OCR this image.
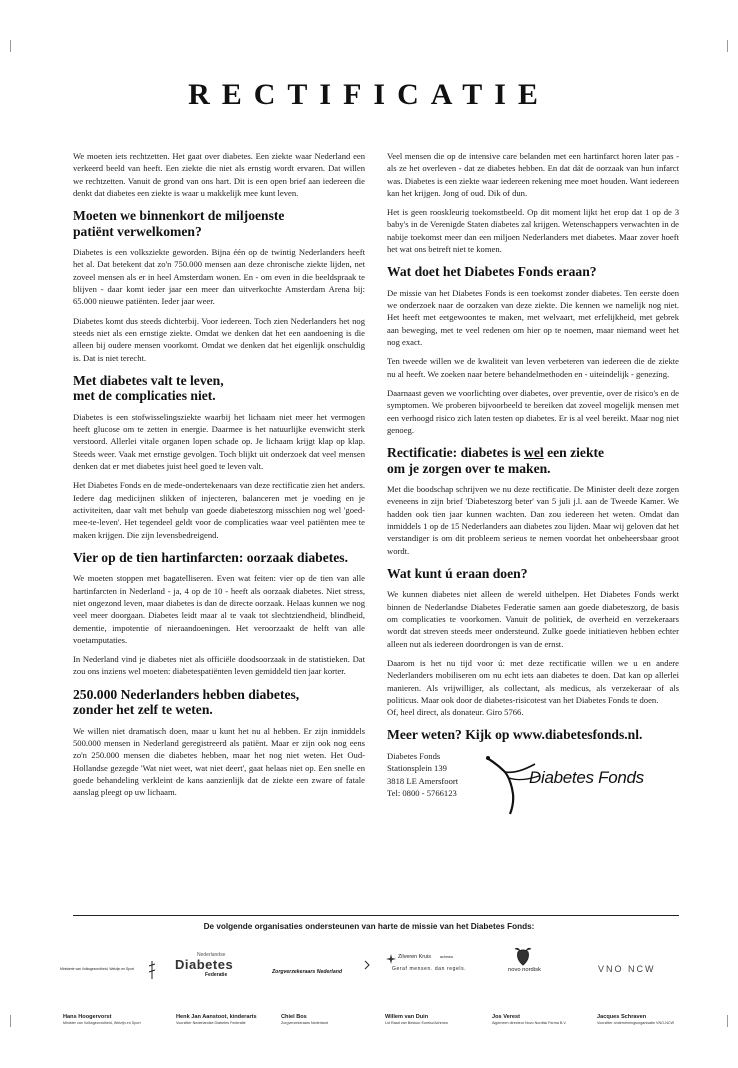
RECTIFICATIE

We moeten iets rechtzetten. Het gaat over diabetes. Een ziekte waar Nederland een verkeerd beeld van heeft. Een ziekte die niet als ernstig wordt ervaren. Dat willen we rechtzetten. Vanuit de grond van ons hart. Dit is een open brief aan iedereen die denkt dat diabetes een ziekte is waar u makkelijk mee kunt leven.

Moeten we binnenkort de miljoenste
patiënt verwelkomen?

Diabetes is een volksziekte geworden. Bijna één op de twintig Nederlanders heeft het al. Dat betekent dat zo'n 750.000 mensen aan deze chronische ziekte lijden, net zoveel mensen als er in heel Amsterdam wonen. En - om even in die beeldspraak te blijven - daar komt ieder jaar een meer dan uitverkochte Amsterdam Arena bij: 65.000 nieuwe patiënten. Ieder jaar weer.

Diabetes komt dus steeds dichterbij. Voor iedereen. Toch zien Nederlanders het nog steeds niet als een ernstige ziekte. Omdat we denken dat het een aandoening is die alleen bij oudere mensen voorkomt. Omdat we denken dat het eigenlijk onschuldig is. Dat is niet terecht.

Met diabetes valt te leven,
met de complicaties niet.

Diabetes is een stofwisselingsziekte waarbij het lichaam niet meer het vermogen heeft glucose om te zetten in energie. Daarmee is het natuurlijke evenwicht sterk verstoord. Allerlei vitale organen lopen schade op. Je lichaam krijgt klap op klap. Steeds weer. Vaak met ernstige gevolgen. Toch blijkt uit onderzoek dat veel mensen denken dat er met diabetes juist heel goed te leven valt.

Het Diabetes Fonds en de mede-ondertekenaars van deze rectificatie zien het anders. Iedere dag medicijnen slikken of injecteren, balanceren met je voeding en je activiteiten, daar valt met behulp van goede diabeteszorg misschien nog wel 'goed-mee-te-leven'. Het tegendeel geldt voor de complicaties waar veel patiënten mee te maken krijgen. Die zijn levensbedreigend.

Vier op de tien hartinfarcten: oorzaak diabetes.

We moeten stoppen met bagatelliseren. Even wat feiten: vier op de tien van alle hartinfarcten in Nederland - ja, 4 op de 10 - heeft als oorzaak diabetes. Niet stress, niet ongezond leven, maar diabetes is dan de directe oorzaak. Helaas kunnen we nog veel meer doorgaan. Diabetes leidt maar al te vaak tot slechtziendheid, blindheid, dementie, impotentie of nieraandoeningen. Het veroorzaakt de helft van alle voetamputaties.

In Nederland vind je diabetes niet als officiële doodsoorzaak in de statistieken. Dat zou ons inziens wel moeten: diabetespatiënten leven gemiddeld tien jaar korter.

250.000 Nederlanders hebben diabetes,
zonder het zelf te weten.

We willen niet dramatisch doen, maar u kunt het nu al hebben. Er zijn inmiddels 500.000 mensen in Nederland geregistreerd als patiënt. Maar er zijn ook nog eens zo'n 250.000 mensen die diabetes hebben, maar het nog niet weten. Het Oud-Hollandse gezegde 'Wat niet weet, wat niet deert', gaat helaas niet op. Een snelle en goede behandeling verkleint de kans aanzienlijk dat de ziekte een zware of fatale aanslag pleegt op uw lichaam.

Veel mensen die op de intensive care belanden met een hartinfarct horen later pas - als ze het overleven - dat ze diabetes hebben. En dat dát de oorzaak van hun infarct was. Diabetes is een ziekte waar iedereen rekening mee moet houden. Want iedereen kan het krijgen. Jong of oud. Dik of dun.

Het is geen rooskleurig toekomstbeeld. Op dit moment lijkt het erop dat 1 op de 3 baby's in de Verenigde Staten diabetes zal krijgen. Wetenschappers verwachten in de nabije toekomst meer dan een miljoen Nederlanders met diabetes. Maar zover hoeft het wat ons betreft niet te komen.

Wat doet het Diabetes Fonds eraan?

De missie van het Diabetes Fonds is een toekomst zonder diabetes. Ten eerste doen we onderzoek naar de oorzaken van deze ziekte. Die kennen we namelijk nog niet. Het heeft met eetgewoontes te maken, met welvaart, met erfelijkheid, met gebrek aan beweging, met te veel redenen om hier op te noemen, maar niemand weet het nog exact.

Ten tweede willen we de kwaliteit van leven verbeteren van iedereen die de ziekte nu al heeft. We zoeken naar betere behandelmethoden en - uiteindelijk - genezing.

Daarnaast geven we voorlichting over diabetes, over preventie, over de risico's en de symptomen. We proberen bijvoorbeeld te bereiken dat zoveel mogelijk mensen met een verhoogd risico zich laten testen op diabetes. Er is al veel bereikt. Maar nog niet genoeg.

Rectificatie: diabetes is wel een ziekte
om je zorgen over te maken.

Met die boodschap schrijven we nu deze rectificatie. De Minister deelt deze zorgen eveneens in zijn brief 'Diabeteszorg beter' van 5 juli j.l. aan de Tweede Kamer. We hadden ook tien jaar kunnen wachten. Dan zou iedereen het weten. Omdat dan inmiddels 1 op de 15 Nederlanders aan diabetes zou lijden. Maar wij geloven dat het verstandiger is om dit probleem serieus te nemen voordat het onbeheersbaar groot wordt.

Wat kunt ú eraan doen?

We kunnen diabetes niet alleen de wereld uithelpen. Het Diabetes Fonds werkt binnen de Nederlandse Diabetes Federatie samen aan goede diabeteszorg, de basis om complicaties te voorkomen. Vanuit de politiek, de overheid en verzekeraars wordt dat streven steeds meer ondersteund. Zulke goede initiatieven hebben echter alleen nut als iedereen doordrongen is van de ernst.

Daarom is het nu tijd voor ú: met deze rectificatie willen we u en andere Nederlanders mobiliseren om nu echt iets aan diabetes te doen. Dat kan op allerlei manieren. Als vrijwilliger, als collectant, als medicus, als verzekeraar of als politicus. Maar ook door de diabetes-risicotest van het Diabetes Fonds te doen.

Of, heel direct, als donateur. Giro 5766.

Meer weten? Kijk op www.diabetesfonds.nl.
Diabetes Fonds
Stationsplein 139
3818 LE Amersfoort
Tel: 0800 - 5766123
Diabetes Fonds
De volgende organisaties ondersteunen van harte de missie van het Diabetes Fonds:
Ministerie van Volksgezondheid, Welzijn en Sport
Nederlandse
Diabetes
Federatie	Zorgverzekeraars Nederland
Zilveren Kruis	achmea
Geraf mensen. dan regels.	novo nordisk	VNO NCW
Hans Hoogervorst
Minister van Volksgezondheid, Welzijn en Sport
Henk Jan Aanstoot, kinderarts
Voorzitter Nederlandse Diabetes Federatie
Chiel Bos
Zorgverzekeraars Nederland
Willem van Duin
Lid Raad van Bestuur Eureko/Achmea
Jos Verest
Algemeen directeur Novo Nordisk Farma B.V.
Jacques Schraven
Voorzitter ondernemingsorganisatie VNO-NCW
